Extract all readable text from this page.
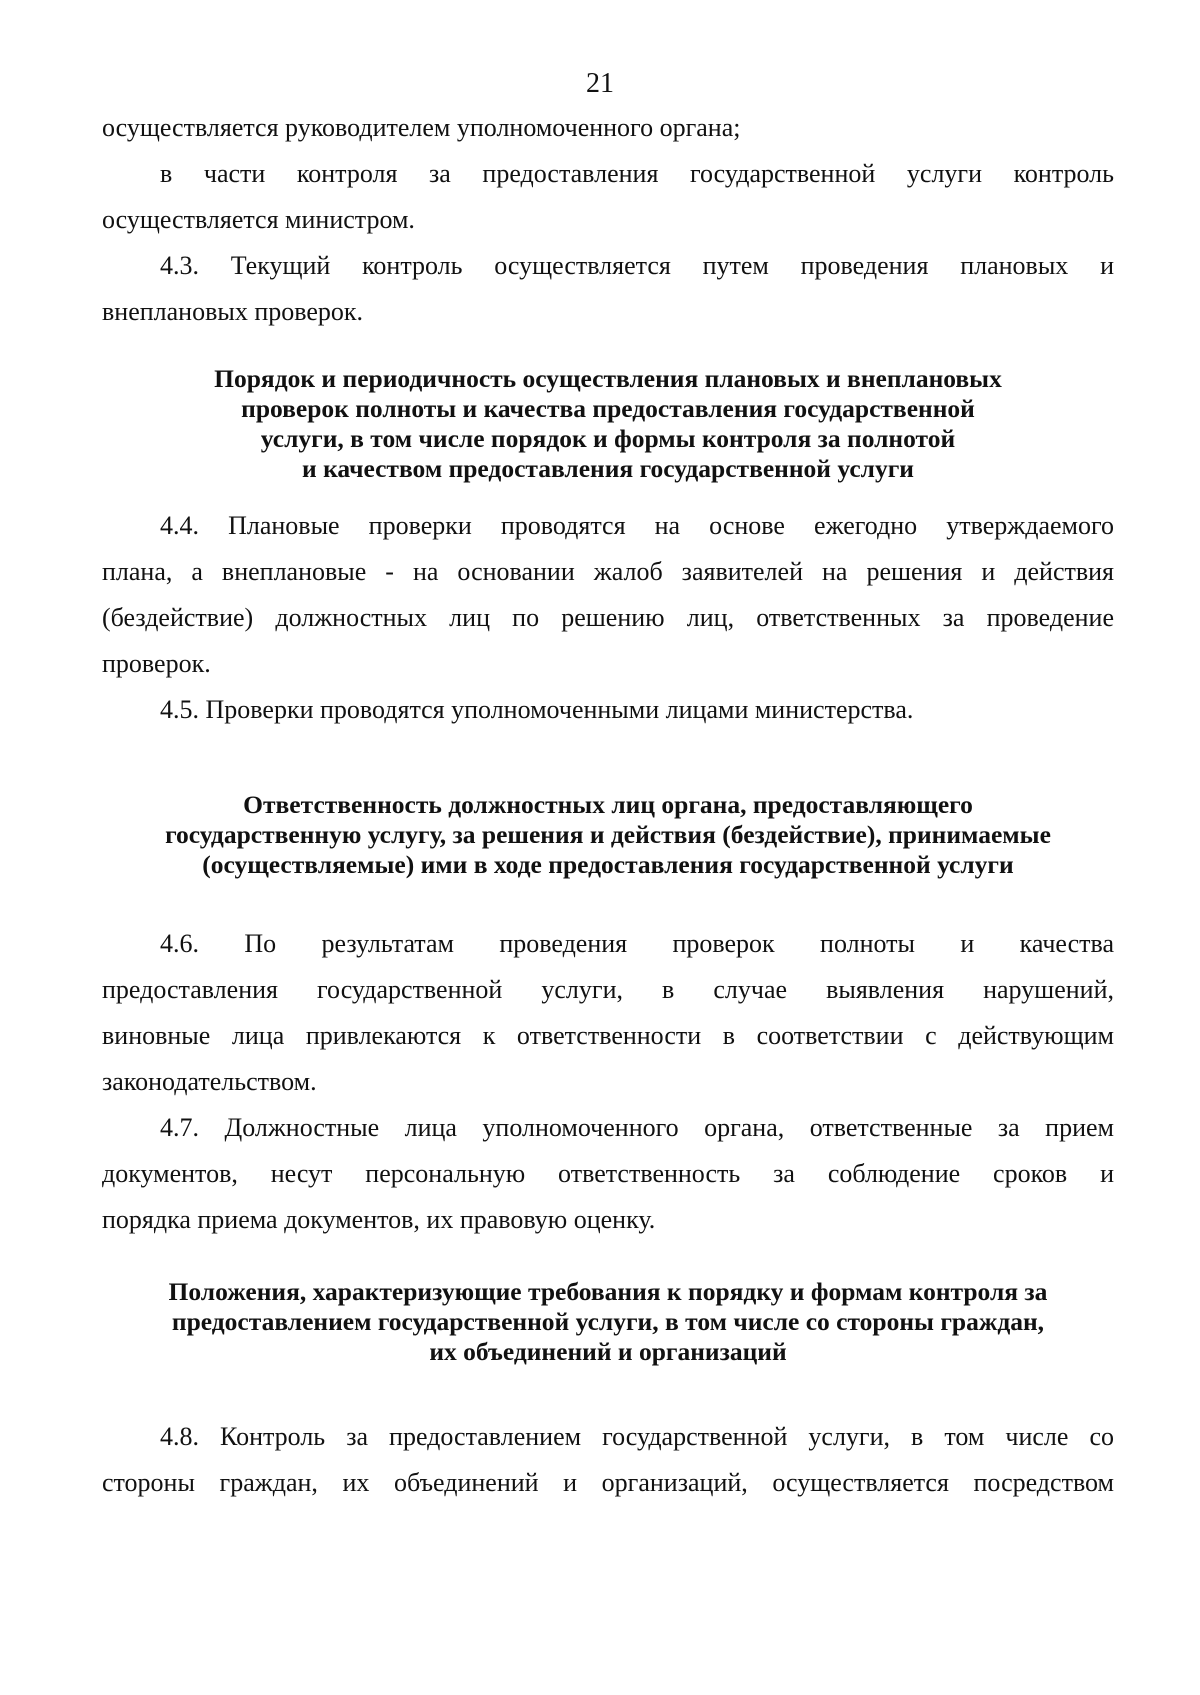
21
осуществляется руководителем уполномоченного органа;
в части контроля за предоставления государственной услуги контроль
осуществляется министром.
4.3. Текущий контроль осуществляется путем проведения плановых и
внеплановых проверок.
Порядок и периодичность осуществления плановых и внеплановых
проверок полноты и качества предоставления государственной
услуги, в том числе порядок и формы контроля за полнотой
и качеством предоставления государственной услуги
4.4. Плановые проверки проводятся на основе ежегодно утверждаемого
плана, а внеплановые - на основании жалоб заявителей на решения и действия
(бездействие) должностных лиц по решению лиц, ответственных за проведение
проверок.
4.5. Проверки проводятся уполномоченными лицами министерства.
Ответственность должностных лиц органа, предоставляющего
государственную услугу, за решения и действия (бездействие), принимаемые
(осуществляемые) ими в ходе предоставления государственной услуги
4.6. По результатам проведения проверок полноты и качества
предоставления государственной услуги, в случае выявления нарушений,
виновные лица привлекаются к ответственности в соответствии с действующим
законодательством.
4.7. Должностные лица уполномоченного органа, ответственные за прием
документов, несут персональную ответственность за соблюдение сроков и
порядка приема документов, их правовую оценку.
Положения, характеризующие требования к порядку и формам контроля за
предоставлением государственной услуги, в том числе со стороны граждан,
их объединений и организаций
4.8. Контроль за предоставлением государственной услуги, в том числе со
стороны граждан, их объединений и организаций, осуществляется посредством
